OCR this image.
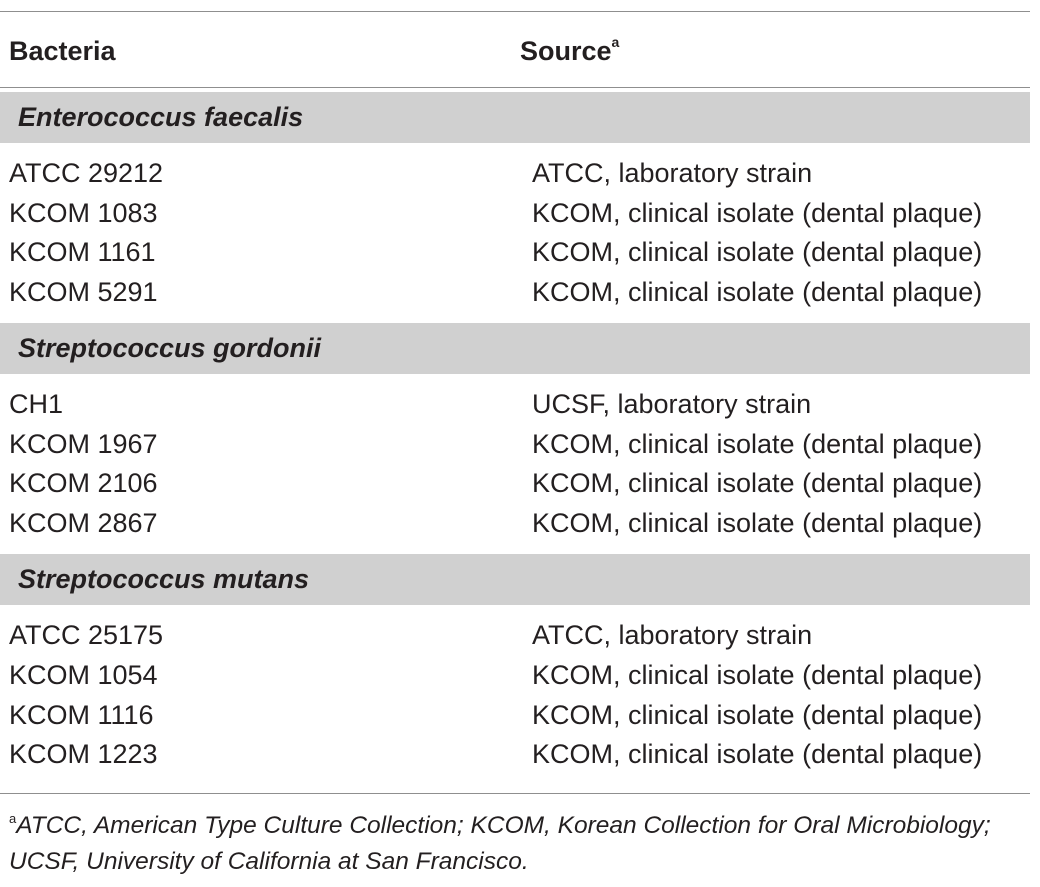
Bacteria	Source$^a$
Enterococcus faecalis
ATCC 29212	ATCC, laboratory strain
KCOM 1083	KCOM, clinical isolate (dental plaque)
KCOM 1161	KCOM, clinical isolate (dental plaque)
KCOM 5291	KCOM, clinical isolate (dental plaque)
Streptococcus gordonii
CH1	UCSF, laboratory strain
KCOM 1967	KCOM, clinical isolate (dental plaque)
KCOM 2106	KCOM, clinical isolate (dental plaque)
KCOM 2867	KCOM, clinical isolate (dental plaque)
Streptococcus mutans
ATCC 25175	ATCC, laboratory strain
KCOM 1054	KCOM, clinical isolate (dental plaque)
KCOM 1116	KCOM, clinical isolate (dental plaque)
KCOM 1223	KCOM, clinical isolate (dental plaque)
$^a$ATCC, American Type Culture Collection; KCOM, Korean Collection for Oral Microbiology; UCSF, University of California at San Francisco.
